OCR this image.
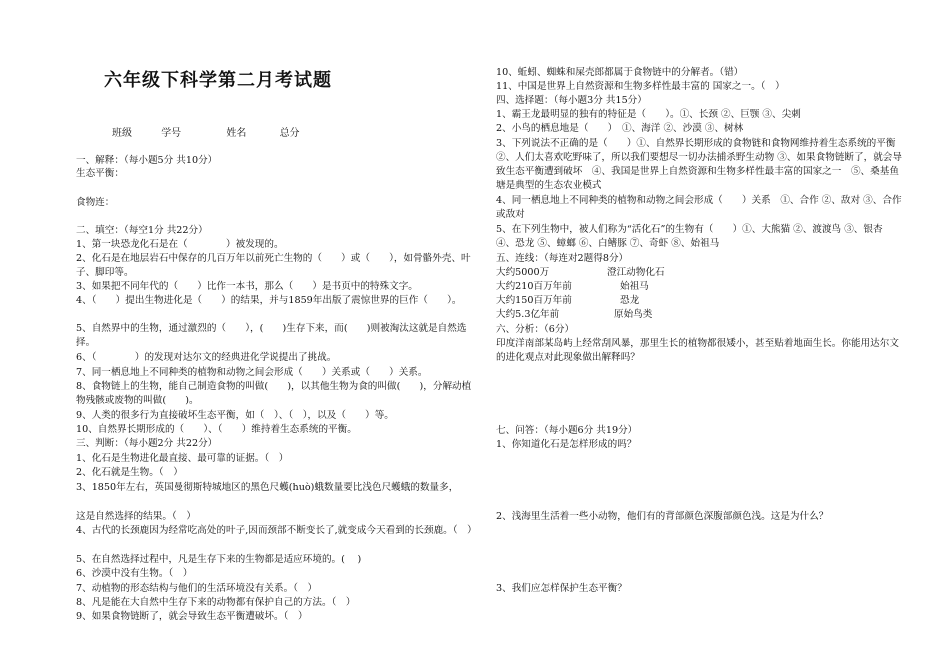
六年级下科学第二月考试题
班级	学号	姓名	总分
一、解释：（每小题5分 共10分）
生态平衡：
食物连：
二、填空：（每空1分 共22分）
1、第一块恐龙化石是在（　　　　）被发现的。
2、化石是在地层岩石中保存的几百万年以前死亡生物的（　　）或（　　），如骨骼外壳、叶子、脚印等。
3、如果把不同年代的（　　）比作一本书，那么（　　）是书页中的特殊文字。
4、（　　）提出生物进化是（　　）的结果，并与1859年出版了震惊世界的巨作（　　）。
5、自然界中的生物，通过激烈的（　　），(　　)生存下来，而(　　)则被淘汰这就是自然选择。
6、（　　　　）的发现对达尔文的经典进化学说提出了挑战。
7、同一栖息地上不同种类的植物和动物之间会形成（　　）关系或（　　）关系。
8、食物链上的生物，能自己制造食物的叫做(　　)，以其他生物为食的叫做(　　)，分解动植物残骸或废物的叫做(　　)。
9、人类的很多行为直接破坏生态平衡，如（　）、（　），以及（　　）等。
10、自然界长期形成的（　　）、（　　）维持着生态系统的平衡。
三、判断：（每小题2分 共22分）
1、化石是生物进化最直接、最可靠的证据。（　）
2、化石就是生物。（　）
3、1850年左右，英国曼彻斯特城地区的黑色尺蠖(huò)蛾数量要比浅色尺蠖蛾的数量多，
这是自然选择的结果。（　）
4、古代的长颈鹿因为经常吃高处的叶子,因而颈部不断变长了,就变成今天看到的长颈鹿。（　）
5、在自然选择过程中，凡是生存下来的生物都是适应环境的。( 　)
6、沙漠中没有生物。（　）
7、动植物的形态结构与他们的生活环境没有关系。（　）
8、凡是能在大自然中生存下来的动物都有保护自己的方法。（　）
9、如果食物链断了，就会导致生态平衡遭破坏。（　）
10、蚯蚓、蜘蛛和屎壳郎都属于食物链中的分解者。（错）
11、中国是世界上自然资源和生物多样性最丰富的 国家之一。（　）
四、选择题：（每小题3分 共15分）
1、霸王龙最明显的独有的特征是（　　）。①、长颈 ②、巨颚 ③、尖刺
2、小鸟的栖息地是（　　）　①、海洋 ②、沙漠 ③、树林
3、下列说法不正确的是（　　）①、自然界长期形成的食物链和食物网维持着生态系统的平衡　②、人们太喜欢吃野味了，所以我们要想尽一切办法捕杀野生动物 ③、如果食物链断了，就会导致生态平衡遭到破坏　④、我国是世界上自然资源和生物多样性最丰富的国家之一　⑤、桑基鱼塘是典型的生态农业模式
4、同一栖息地上不同种类的植物和动物之间会形成（　　）关系　①、合作 ②、敌对 ③、合作或敌对
5、在下列生物中，被人们称为“活化石”的生物有（　　）①、大熊猫 ②、渡渡鸟 ③、银杏　④、恐龙 ⑤、蟑螂 ⑥、白鳍豚 ⑦、奇虾 ⑧、始祖马
五、连线：（每连对2题得8分）
大约5000万	澄江动物化石
大约210百万年前	始祖马
大约150百万年前	恐龙
大约5.3亿年前	原始鸟类
六、分析：（6分）
印度洋南部某岛屿上经常刮风暴，那里生长的植物都很矮小，甚至贴着地面生长。你能用达尔文的进化观点对此现象做出解释吗？
七、问答：（每小题6分 共19分）
1、你知道化石是怎样形成的吗？
2、浅海里生活着一些小动物，他们有的背部颜色深腹部颜色浅。这是为什么？
3、我们应怎样保护生态平衡？
